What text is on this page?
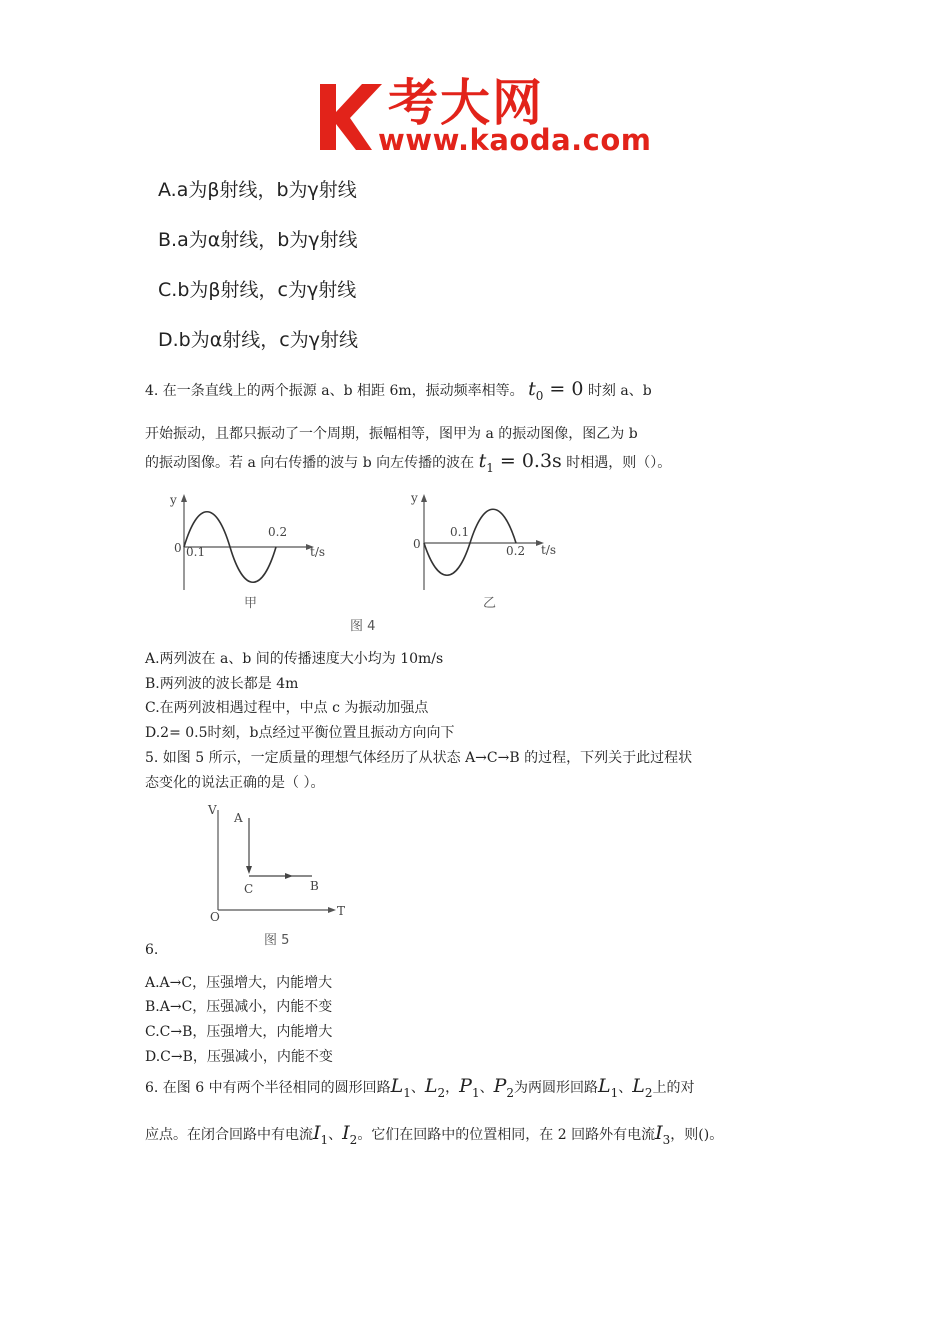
考大网
www.kaoda.com
A.a为β射线，b为γ射线
B.a为α射线，b为γ射线
C.b为β射线，c为γ射线
D.b为α射线，c为γ射线
4. 在一条直线上的两个振源 a、b 相距 6m，振动频率相等。 $t_0 = 0$ 时刻 a、b
开始振动，且都只振动了一个周期，振幅相等，图甲为 a 的振动图像，图乙为 b
的振动图像。若 a 向右传播的波与 b 向左传播的波在 $t_1 = 0.3s$ 时相遇，则（）。
y
t/s
0 0.1
0.2
甲
y
t/s
0
0.1
0.2
乙
图 4
A.两列波在 a、b 间的传播速度大小均为 10m/s
B.两列波的波长都是 4m
C.在两列波相遇过程中，中点 c 为振动加强点
D.2= 0.5时刻，b点经过平衡位置且振动方向向下
5. 如图 5 所示，一定质量的理想气体经历了从状态 A→C→B 的过程，下列关于此过程状
态变化的说法正确的是（ ）。
V
T
O
A
C	B
图 5
6.
A.A→C，压强增大，内能增大
B.A→C，压强减小，内能不变
C.C→B，压强增大，内能增大
D.C→B，压强减小，内能不变
6. 在图 6 中有两个半径相同的圆形回路$L_1$、$L_2$，$P_1$、$P_2$为两圆形回路$L_1$、$L_2$上的对
应点。在闭合回路中有电流$I_1$、$I_2$。它们在回路中的位置相同，在 2 回路外有电流$I_3$，则()。
